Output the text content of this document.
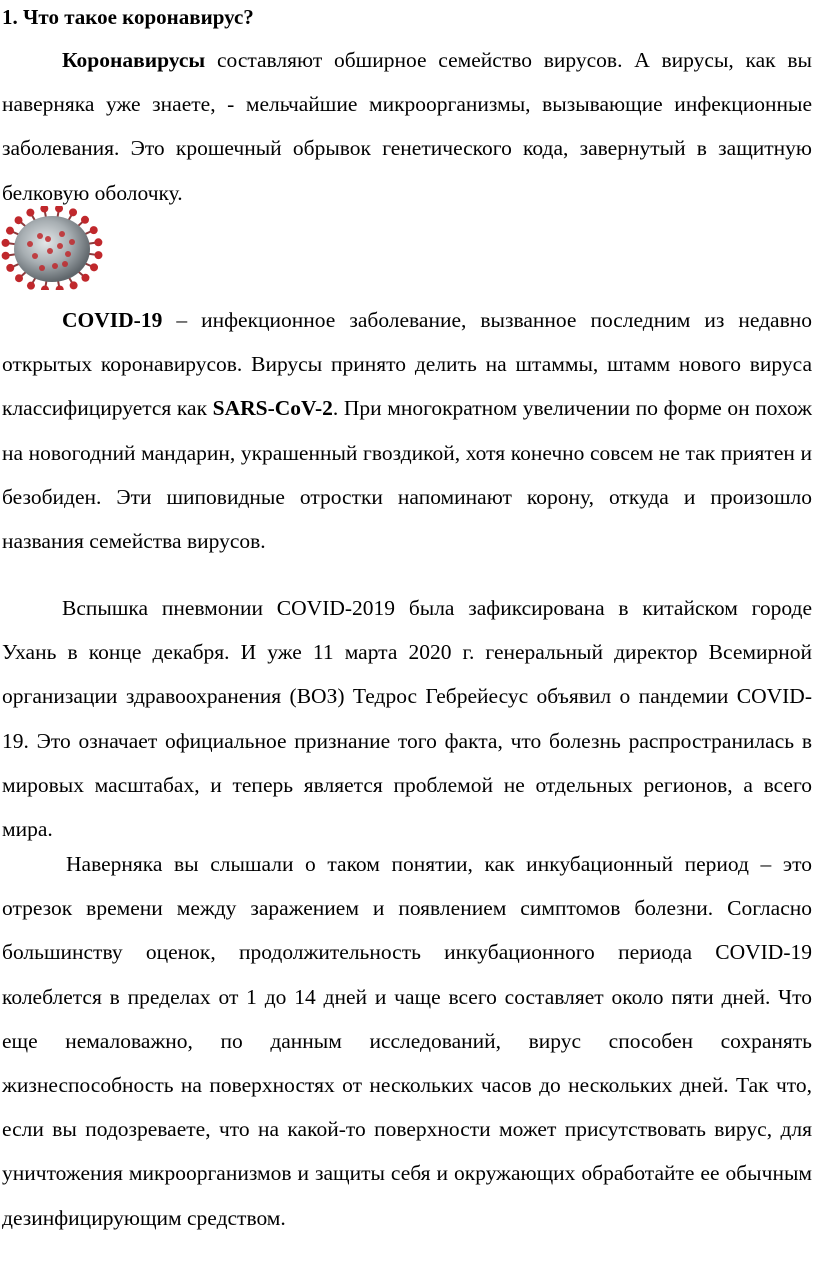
1. Что такое коронавирус?

Коронавирусы составляют обширное семейство вирусов. А вирусы, как вы наверняка уже знаете, - мельчайшие микроорганизмы, вызывающие инфекционные заболевания. Это крошечный обрывок генетического кода, завернутый в защитную белковую оболочку.

COVID-19 – инфекционное заболевание, вызванное последним из недавно открытых коронавирусов. Вирусы принято делить на штаммы, штамм нового вируса классифицируется как SARS-CoV-2. При многократном увеличении по форме он похож на новогодний мандарин, украшенный гвоздикой, хотя конечно совсем не так приятен и безобиден. Эти шиповидные отростки напоминают корону, откуда и произошло названия семейства вирусов.

Вспышка пневмонии COVID-2019 была зафиксирована в китайском городе Ухань в конце декабря. И уже 11 марта 2020 г. генеральный директор Всемирной организации здравоохранения (ВОЗ) Тедрос Гебрейесус объявил о пандемии COVID-19. Это означает официальное признание того факта, что болезнь распространилась в мировых масштабах, и теперь является проблемой не отдельных регионов, а всего мира.

Наверняка вы слышали о таком понятии, как инкубационный период – это отрезок времени между заражением и появлением симптомов болезни. Согласно большинству оценок, продолжительность инкубационного периода COVID-19 колеблется в пределах от 1 до 14 дней и чаще всего составляет около пяти дней. Что еще немаловажно, по данным исследований, вирус способен сохранять жизнеспособность на поверхностях от нескольких часов до нескольких дней. Так что, если вы подозреваете, что на какой-то поверхности может присутствовать вирус, для уничтожения микроорганизмов и защиты себя и окружающих обработайте ее обычным дезинфицирующим средством.
